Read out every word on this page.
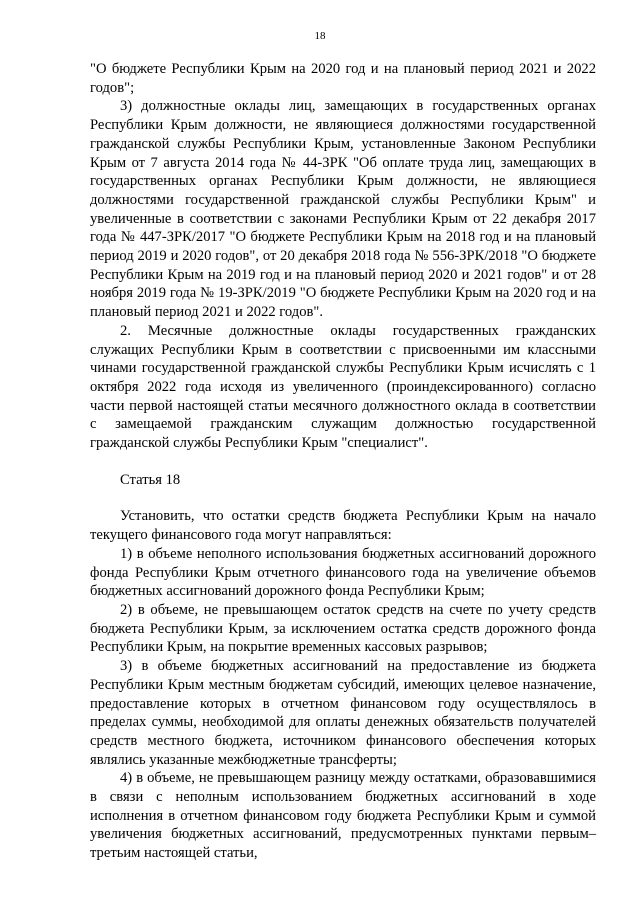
18

"О бюджете Республики Крым на 2020 год и на плановый период 2021 и 2022 годов";

3) должностные оклады лиц, замещающих в государственных органах Республики Крым должности, не являющиеся должностями государственной гражданской службы Республики Крым, установленные Законом Республики Крым от 7 августа 2014 года № 44-ЗРК "Об оплате труда лиц, замещающих в государственных органах Республики Крым должности, не являющиеся должностями государственной гражданской службы Республики Крым" и увеличенные в соответствии с законами Республики Крым от 22 декабря 2017 года № 447-ЗРК/2017 "О бюджете Республики Крым на 2018 год и на плановый период 2019 и 2020 годов", от 20 декабря 2018 года № 556-ЗРК/2018 "О бюджете Республики Крым на 2019 год и на плановый период 2020 и 2021 годов" и от 28 ноября 2019 года № 19-ЗРК/2019 "О бюджете Республики Крым на 2020 год и на плановый период 2021 и 2022 годов".

2. Месячные должностные оклады государственных гражданских служащих Республики Крым в соответствии с присвоенными им классными чинами государственной гражданской службы Республики Крым исчислять с 1 октября 2022 года исходя из увеличенного (проиндексированного) согласно части первой настоящей статьи месячного должностного оклада в соответствии с замещаемой гражданским служащим должностью государственной гражданской службы Республики Крым "специалист".

Статья 18

Установить, что остатки средств бюджета Республики Крым на начало текущего финансового года могут направляться:

1) в объеме неполного использования бюджетных ассигнований дорожного фонда Республики Крым отчетного финансового года на увеличение объемов бюджетных ассигнований дорожного фонда Республики Крым;

2) в объеме, не превышающем остаток средств на счете по учету средств бюджета Республики Крым, за исключением остатка средств дорожного фонда Республики Крым, на покрытие временных кассовых разрывов;

3) в объеме бюджетных ассигнований на предоставление из бюджета Республики Крым местным бюджетам субсидий, имеющих целевое назначение, предоставление которых в отчетном финансовом году осуществлялось в пределах суммы, необходимой для оплаты денежных обязательств получателей средств местного бюджета, источником финансового обеспечения которых являлись указанные межбюджетные трансферты;

4) в объеме, не превышающем разницу между остатками, образовавшимися в связи с неполным использованием бюджетных ассигнований в ходе исполнения в отчетном финансовом году бюджета Республики Крым и суммой увеличения бюджетных ассигнований, предусмотренных пунктами первым–третьим настоящей статьи,
